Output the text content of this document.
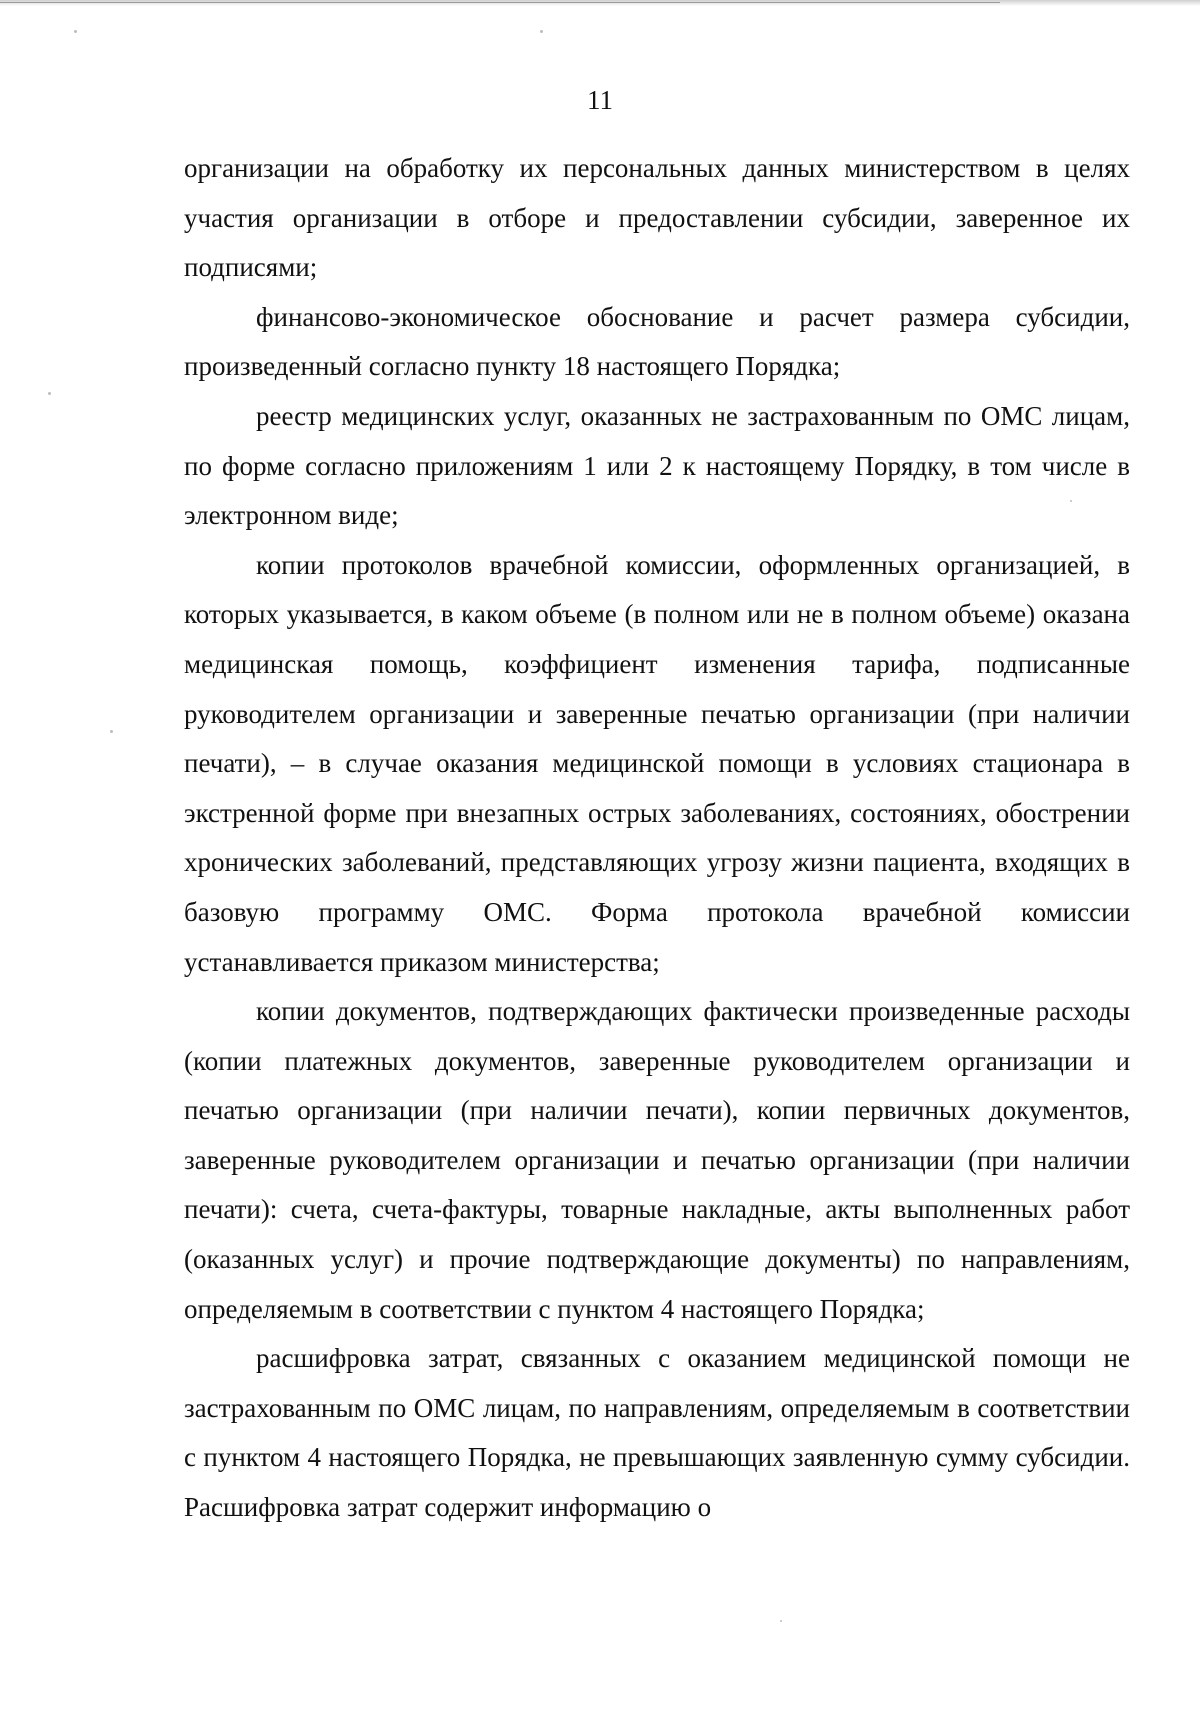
11

организации на обработку их персональных данных министерством в целях участия организации в отборе и предоставлении субсидии, заверенное их подписями;

финансово-экономическое обоснование и расчет размера субсидии, произведенный согласно пункту 18 настоящего Порядка;

реестр медицинских услуг, оказанных не застрахованным по ОМС лицам, по форме согласно приложениям 1 или 2 к настоящему Порядку, в том числе в электронном виде;

копии протоколов врачебной комиссии, оформленных организацией, в которых указывается, в каком объеме (в полном или не в полном объеме) оказана медицинская помощь, коэффициент изменения тарифа, подписанные руководителем организации и заверенные печатью организации (при наличии печати), – в случае оказания медицинской помощи в условиях стационара в экстренной форме при внезапных острых заболеваниях, состояниях, обострении хронических заболеваний, представляющих угрозу жизни пациента, входящих в базовую программу ОМС. Форма протокола врачебной комиссии устанавливается приказом министерства;

копии документов, подтверждающих фактически произведенные расходы (копии платежных документов, заверенные руководителем организации и печатью организации (при наличии печати), копии первичных документов, заверенные руководителем организации и печатью организации (при наличии печати): счета, счета-фактуры, товарные накладные, акты выполненных работ (оказанных услуг) и прочие подтверждающие документы) по направлениям, определяемым в соответствии с пунктом 4 настоящего Порядка;

расшифровка затрат, связанных с оказанием медицинской помощи не застрахованным по ОМС лицам, по направлениям, определяемым в соответствии с пунктом 4 настоящего Порядка, не превышающих заявленную сумму субсидии. Расшифровка затрат содержит информацию о
